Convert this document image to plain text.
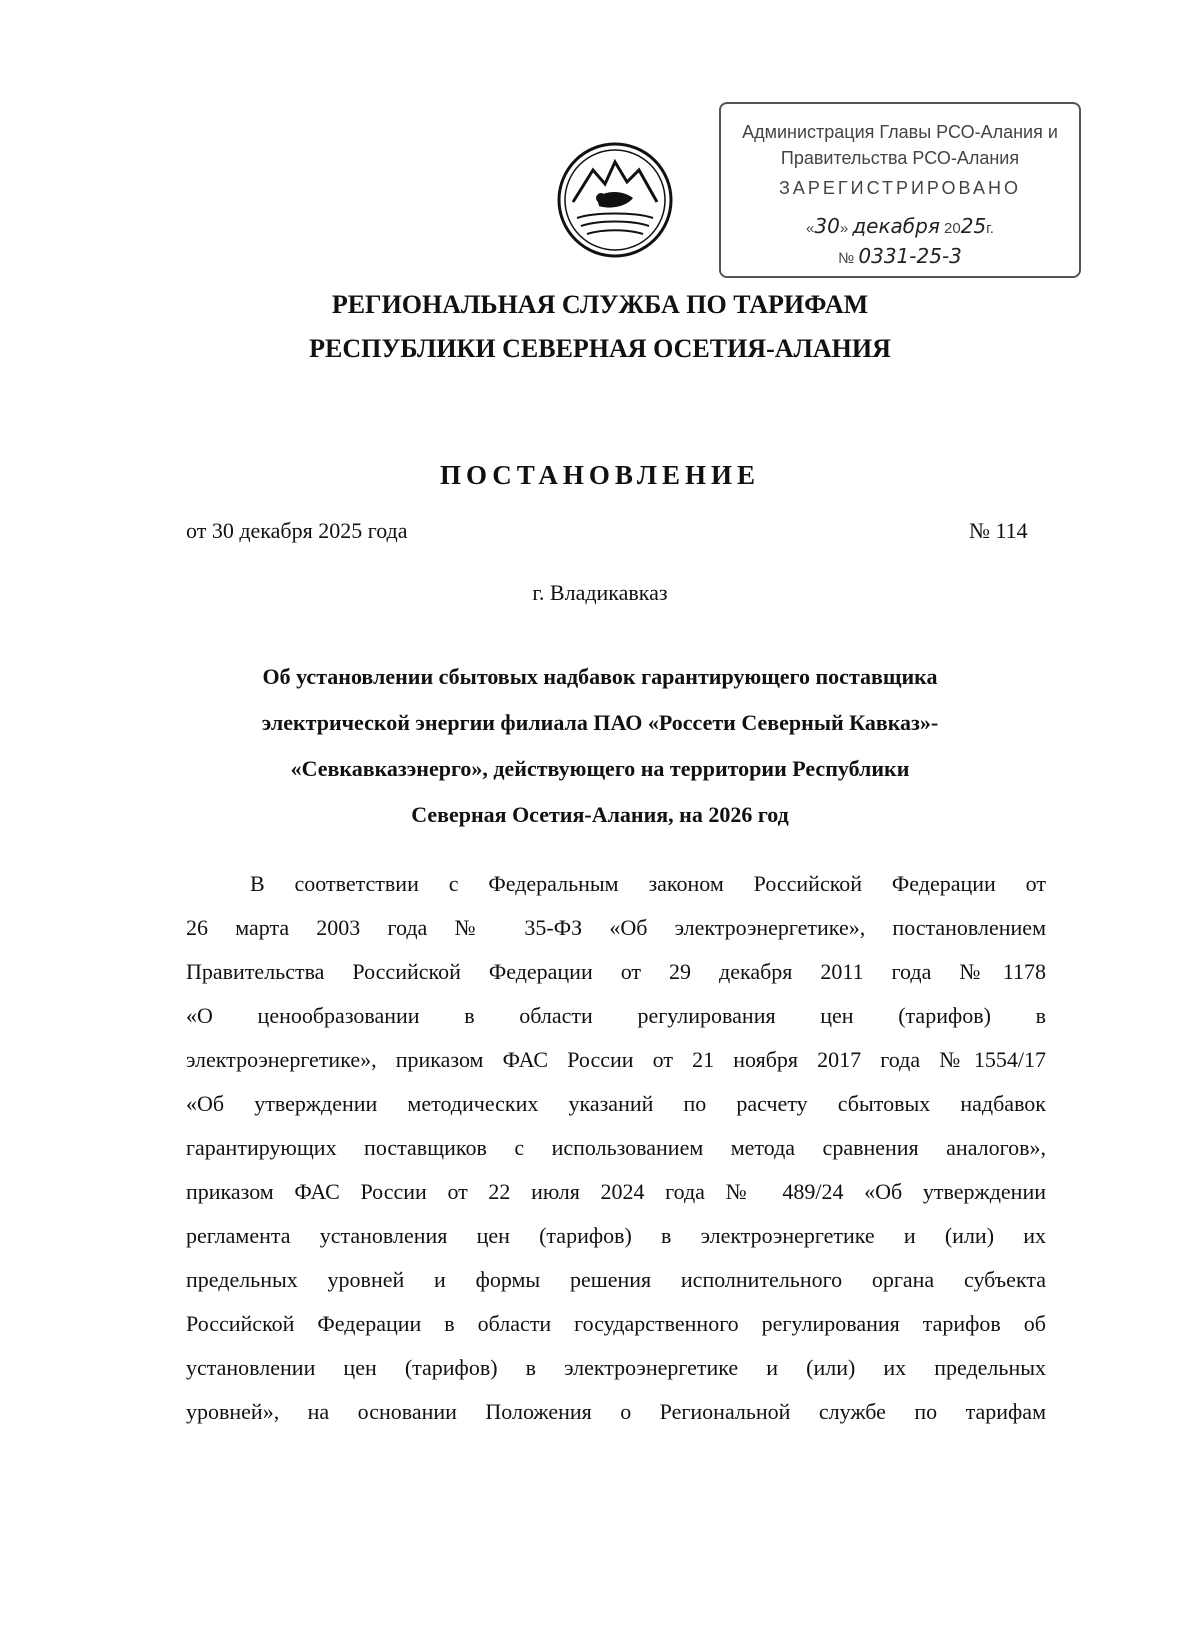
Администрация Главы РСО-Алания и
Правительства РСО-Алания
ЗАРЕГИСТРИРОВАНО
«30» декабря 2025г.
№ 0331-25-3
РЕГИОНАЛЬНАЯ СЛУЖБА ПО ТАРИФАМ
РЕСПУБЛИКИ СЕВЕРНАЯ ОСЕТИЯ-АЛАНИЯ
ПОСТАНОВЛЕНИЕ
от 30 декабря 2025 года	№ 114
г. Владикавказ
Об установлении сбытовых надбавок гарантирующего поставщика
электрической энергии филиала ПАО «Россети Северный Кавказ»-
«Севкавказэнерго», действующего на территории Республики
Северная Осетия-Алания, на 2026 год
В соответствии с Федеральным законом Российской Федерации от
26 марта 2003 года № 35-ФЗ «Об электроэнергетике», постановлением
Правительства Российской Федерации от 29 декабря 2011 года №1178
«О ценообразовании в области регулирования цен (тарифов) в
электроэнергетике», приказом ФАС России от 21 ноября 2017 года №1554/17
«Об утверждении методических указаний по расчету сбытовых надбавок
гарантирующих поставщиков с использованием метода сравнения аналогов»,
приказом ФАС России от 22 июля 2024 года № 489/24 «Об утверждении
регламента установления цен (тарифов) в электроэнергетике и (или) их
предельных уровней и формы решения исполнительного органа субъекта
Российской Федерации в области государственного регулирования тарифов об
установлении цен (тарифов) в электроэнергетике и (или) их предельных
уровней», на основании Положения о Региональной службе по тарифам
